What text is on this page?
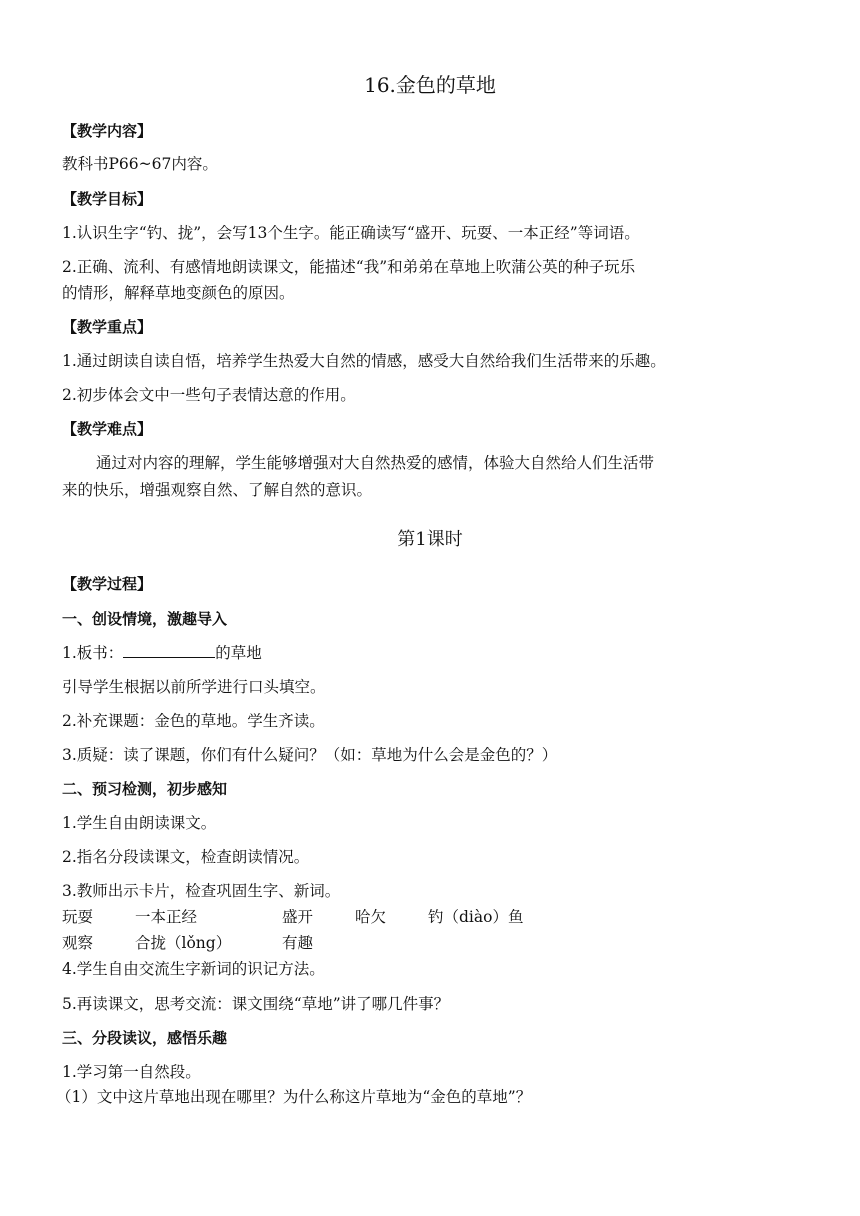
16.金色的草地
【教学内容】
教科书P66~67内容。
【教学目标】
1.认识生字“钓、拢”，会写13个生字。能正确读写“盛开、玩耍、一本正经”等词语。
2.正确、流利、有感情地朗读课文，能描述“我”和弟弟在草地上吹蒲公英的种子玩乐
的情形，解释草地变颜色的原因。
【教学重点】
1.通过朗读自读自悟，培养学生热爱大自然的情感，感受大自然给我们生活带来的乐趣。
2.初步体会文中一些句子表情达意的作用。
【教学难点】
通过对内容的理解，学生能够增强对大自然热爱的感情，体验大自然给人们生活带
来的快乐，增强观察自然、了解自然的意识。
第1课时
【教学过程】
一、创设情境，激趣导入
1.板书：	的草地
引导学生根据以前所学进行口头填空。
2.补充课题：金色的草地。学生齐读。
3.质疑：读了课题，你们有什么疑问？（如：草地为什么会是金色的？）
二、预习检测，初步感知
1.学生自由朗读课文。
2.指名分段读课文，检查朗读情况。
3.教师出示卡片，检查巩固生字、新词。
玩耍	一本正经	盛开	哈欠	钓（diào）鱼
观察	合拢（lǒng）	有趣
4.学生自由交流生字新词的识记方法。
5.再读课文，思考交流：课文围绕“草地”讲了哪几件事？
三、分段读议，感悟乐趣
1.学习第一自然段。
（1）文中这片草地出现在哪里？为什么称这片草地为“金色的草地”？
